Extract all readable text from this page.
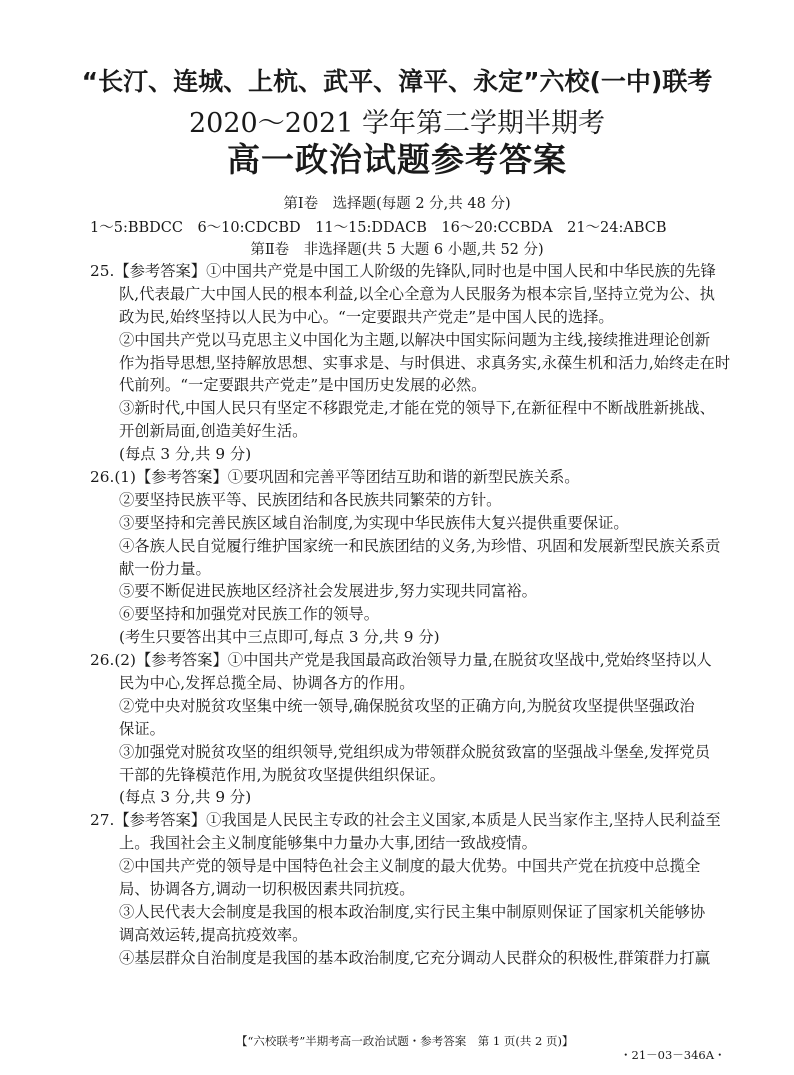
“长汀、连城、上杭、武平、漳平、永定”六校(一中)联考
2020～2021 学年第二学期半期考
高一政治试题参考答案
第Ⅰ卷　选择题(每题 2 分,共 48 分)
1～5:BBDCC　6～10:CDCBD　11～15:DDACB　16～20:CCBDA　21～24:ABCB
第Ⅱ卷　非选择题(共 5 大题 6 小题,共 52 分)
25.【参考答案】①中国共产党是中国工人阶级的先锋队,同时也是中国人民和中华民族的先锋
队,代表最广大中国人民的根本利益,以全心全意为人民服务为根本宗旨,坚持立党为公、执
政为民,始终坚持以人民为中心。“一定要跟共产党走”是中国人民的选择。
②中国共产党以马克思主义中国化为主题,以解决中国实际问题为主线,接续推进理论创新
作为指导思想,坚持解放思想、实事求是、与时俱进、求真务实,永葆生机和活力,始终走在时
代前列。“一定要跟共产党走”是中国历史发展的必然。
③新时代,中国人民只有坚定不移跟党走,才能在党的领导下,在新征程中不断战胜新挑战、
开创新局面,创造美好生活。
(每点 3 分,共 9 分)
26.(1)【参考答案】①要巩固和完善平等团结互助和谐的新型民族关系。
②要坚持民族平等、民族团结和各民族共同繁荣的方针。
③要坚持和完善民族区域自治制度,为实现中华民族伟大复兴提供重要保证。
④各族人民自觉履行维护国家统一和民族团结的义务,为珍惜、巩固和发展新型民族关系贡
献一份力量。
⑤要不断促进民族地区经济社会发展进步,努力实现共同富裕。
⑥要坚持和加强党对民族工作的领导。
(考生只要答出其中三点即可,每点 3 分,共 9 分)
26.(2)【参考答案】①中国共产党是我国最高政治领导力量,在脱贫攻坚战中,党始终坚持以人
民为中心,发挥总揽全局、协调各方的作用。
②党中央对脱贫攻坚集中统一领导,确保脱贫攻坚的正确方向,为脱贫攻坚提供坚强政治
保证。
③加强党对脱贫攻坚的组织领导,党组织成为带领群众脱贫致富的坚强战斗堡垒,发挥党员
干部的先锋模范作用,为脱贫攻坚提供组织保证。
(每点 3 分,共 9 分)
27.【参考答案】①我国是人民民主专政的社会主义国家,本质是人民当家作主,坚持人民利益至
上。我国社会主义制度能够集中力量办大事,团结一致战疫情。
②中国共产党的领导是中国特色社会主义制度的最大优势。中国共产党在抗疫中总揽全
局、协调各方,调动一切积极因素共同抗疫。
③人民代表大会制度是我国的根本政治制度,实行民主集中制原则保证了国家机关能够协
调高效运转,提高抗疫效率。
④基层群众自治制度是我国的基本政治制度,它充分调动人民群众的积极性,群策群力打赢

【“六校联考”半期考高一政治试题・参考答案　第 1 页(共 2 页)】

・21－03－346A・
